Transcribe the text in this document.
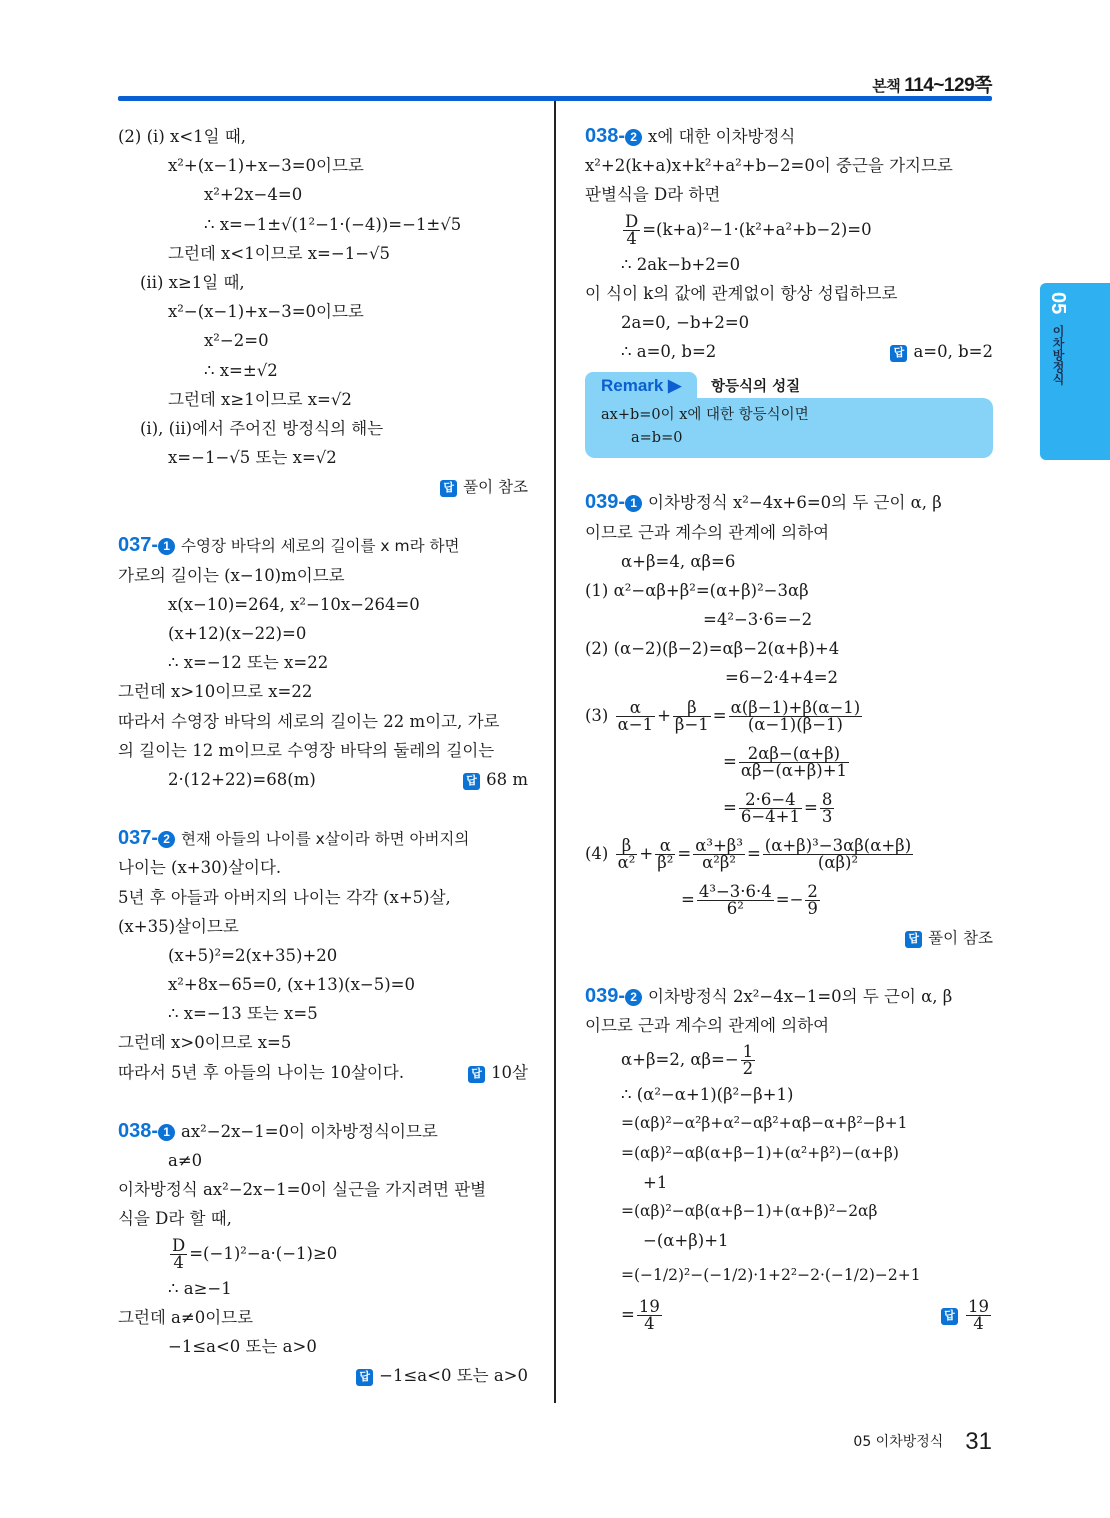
본책 114~129쪽
05 이차방정식
(2) (i) x<1일 때,
x²+(x−1)+x−3=0이므로
x²+2x−4=0
∴ x=−1±√(1²−1·(−4))=−1±√5
그런데 x<1이므로 x=−1−√5
(ii) x≥1일 때,
x²−(x−1)+x−3=0이므로
x²−2=0
∴ x=±√2
그런데 x≥1이므로 x=√2
(i), (ii)에서 주어진 방정식의 해는
x=−1−√5 또는 x=√2
답 풀이 참조
037- 1 수영장 바닥의 세로의 길이를 x m라 하면
가로의 길이는 (x−10)m이므로
x(x−10)=264, x²−10x−264=0
(x+12)(x−22)=0
∴ x=−12 또는 x=22
그런데 x>10이므로 x=22
따라서 수영장 바닥의 세로의 길이는 22 m이고, 가로
의 길이는 12 m이므로 수영장 바닥의 둘레의 길이는
2·(12+22)=68(m)	답 68 m
037- 2 현재 아들의 나이를 x살이라 하면 아버지의
나이는 (x+30)살이다.
5년 후 아들과 아버지의 나이는 각각 (x+5)살,
(x+35)살이므로
(x+5)²=2(x+35)+20
x²+8x−65=0, (x+13)(x−5)=0
∴ x=−13 또는 x=5
그런데 x>0이므로 x=5
따라서 5년 후 아들의 나이는 10살이다.	답 10살
038- 1 ax²−2x−1=0이 이차방정식이므로
a≠0
이차방정식 ax²−2x−1=0이 실근을 가지려면 판별
식을 D라 할 때,
$\frac{D}{4} =(-1)^2-a\cdot(-1)\ge 0$
∴ a≥−1
그런데 a≠0이므로
−1≤a<0 또는 a>0
답 −1≤a<0 또는 a>0
038- 2 x에 대한 이차방정식
x²+2(k+a)x+k²+a²+b−2=0이 중근을 가지므로
판별식을 D라 하면
$\frac{D}{4} =(k+a)^2-1\cdot(k^2+a^2+b-2)=0$
∴ 2ak−b+2=0
이 식이 k의 값에 관계없이 항상 성립하므로
2a=0, −b+2=0
∴ a=0, b=2	답 a=0, b=2
Remark ▶	항등식의 성질
ax+b=0이 x에 대한 항등식이면
a=b=0
039- 1 이차방정식 x²−4x+6=0의 두 근이 α, β
이므로 근과 계수의 관계에 의하여
α+β=4, αβ=6
(1) α²−αβ+β²=(α+β)²−3αβ
=4²−3·6=−2
(2) (α−2)(β−2)=αβ−2(α+β)+4
=6−2·4+4=2
$(3) \frac{\alpha}{\alpha-1} + \frac{\beta}{\beta-1} = \frac{\alpha(\beta-1)+\beta(\alpha-1)}{(\alpha-1)(\beta-1)}$
= $\frac{2\alpha\beta-(\alpha+\beta)}{\alpha\beta-(\alpha+\beta)+1}$
= $\frac{2\cdot 6-4}{6-4+1} = \frac{8}{3}$
$(4) \frac{\beta}{\text{α²}} + \frac{\alpha}{\text{β²}} = \frac{\text{α³+β³}}{\text{α²β²}} = \frac{\text{(α+β)³−3αβ(α+β)}}{\text{(αβ)²}}$
= $\frac{\text{4³−3·6·4}}{\text{6²}} =- \frac{2}{9}$
답 풀이 참조
039- 2 이차방정식 2x²−4x−1=0의 두 근이 α, β
이므로 근과 계수의 관계에 의하여
α+β=2, $\alpha\beta=- \frac{1}{2}$
∴ (α²−α+1)(β²−β+1)
=(αβ)²−α²β+α²−αβ²+αβ−α+β²−β+1
=(αβ)²−αβ(α+β−1)+(α²+β²)−(α+β)
+1
=(αβ)²−αβ(α+β−1)+(α+β)²−2αβ
−(α+β)+1
=(−1/2)²−(−1/2)·1+2²−2·(−1/2)−2+1
= $\frac{19}{4}$	답 $\frac{19}{4}$
05 이차방정식 31
